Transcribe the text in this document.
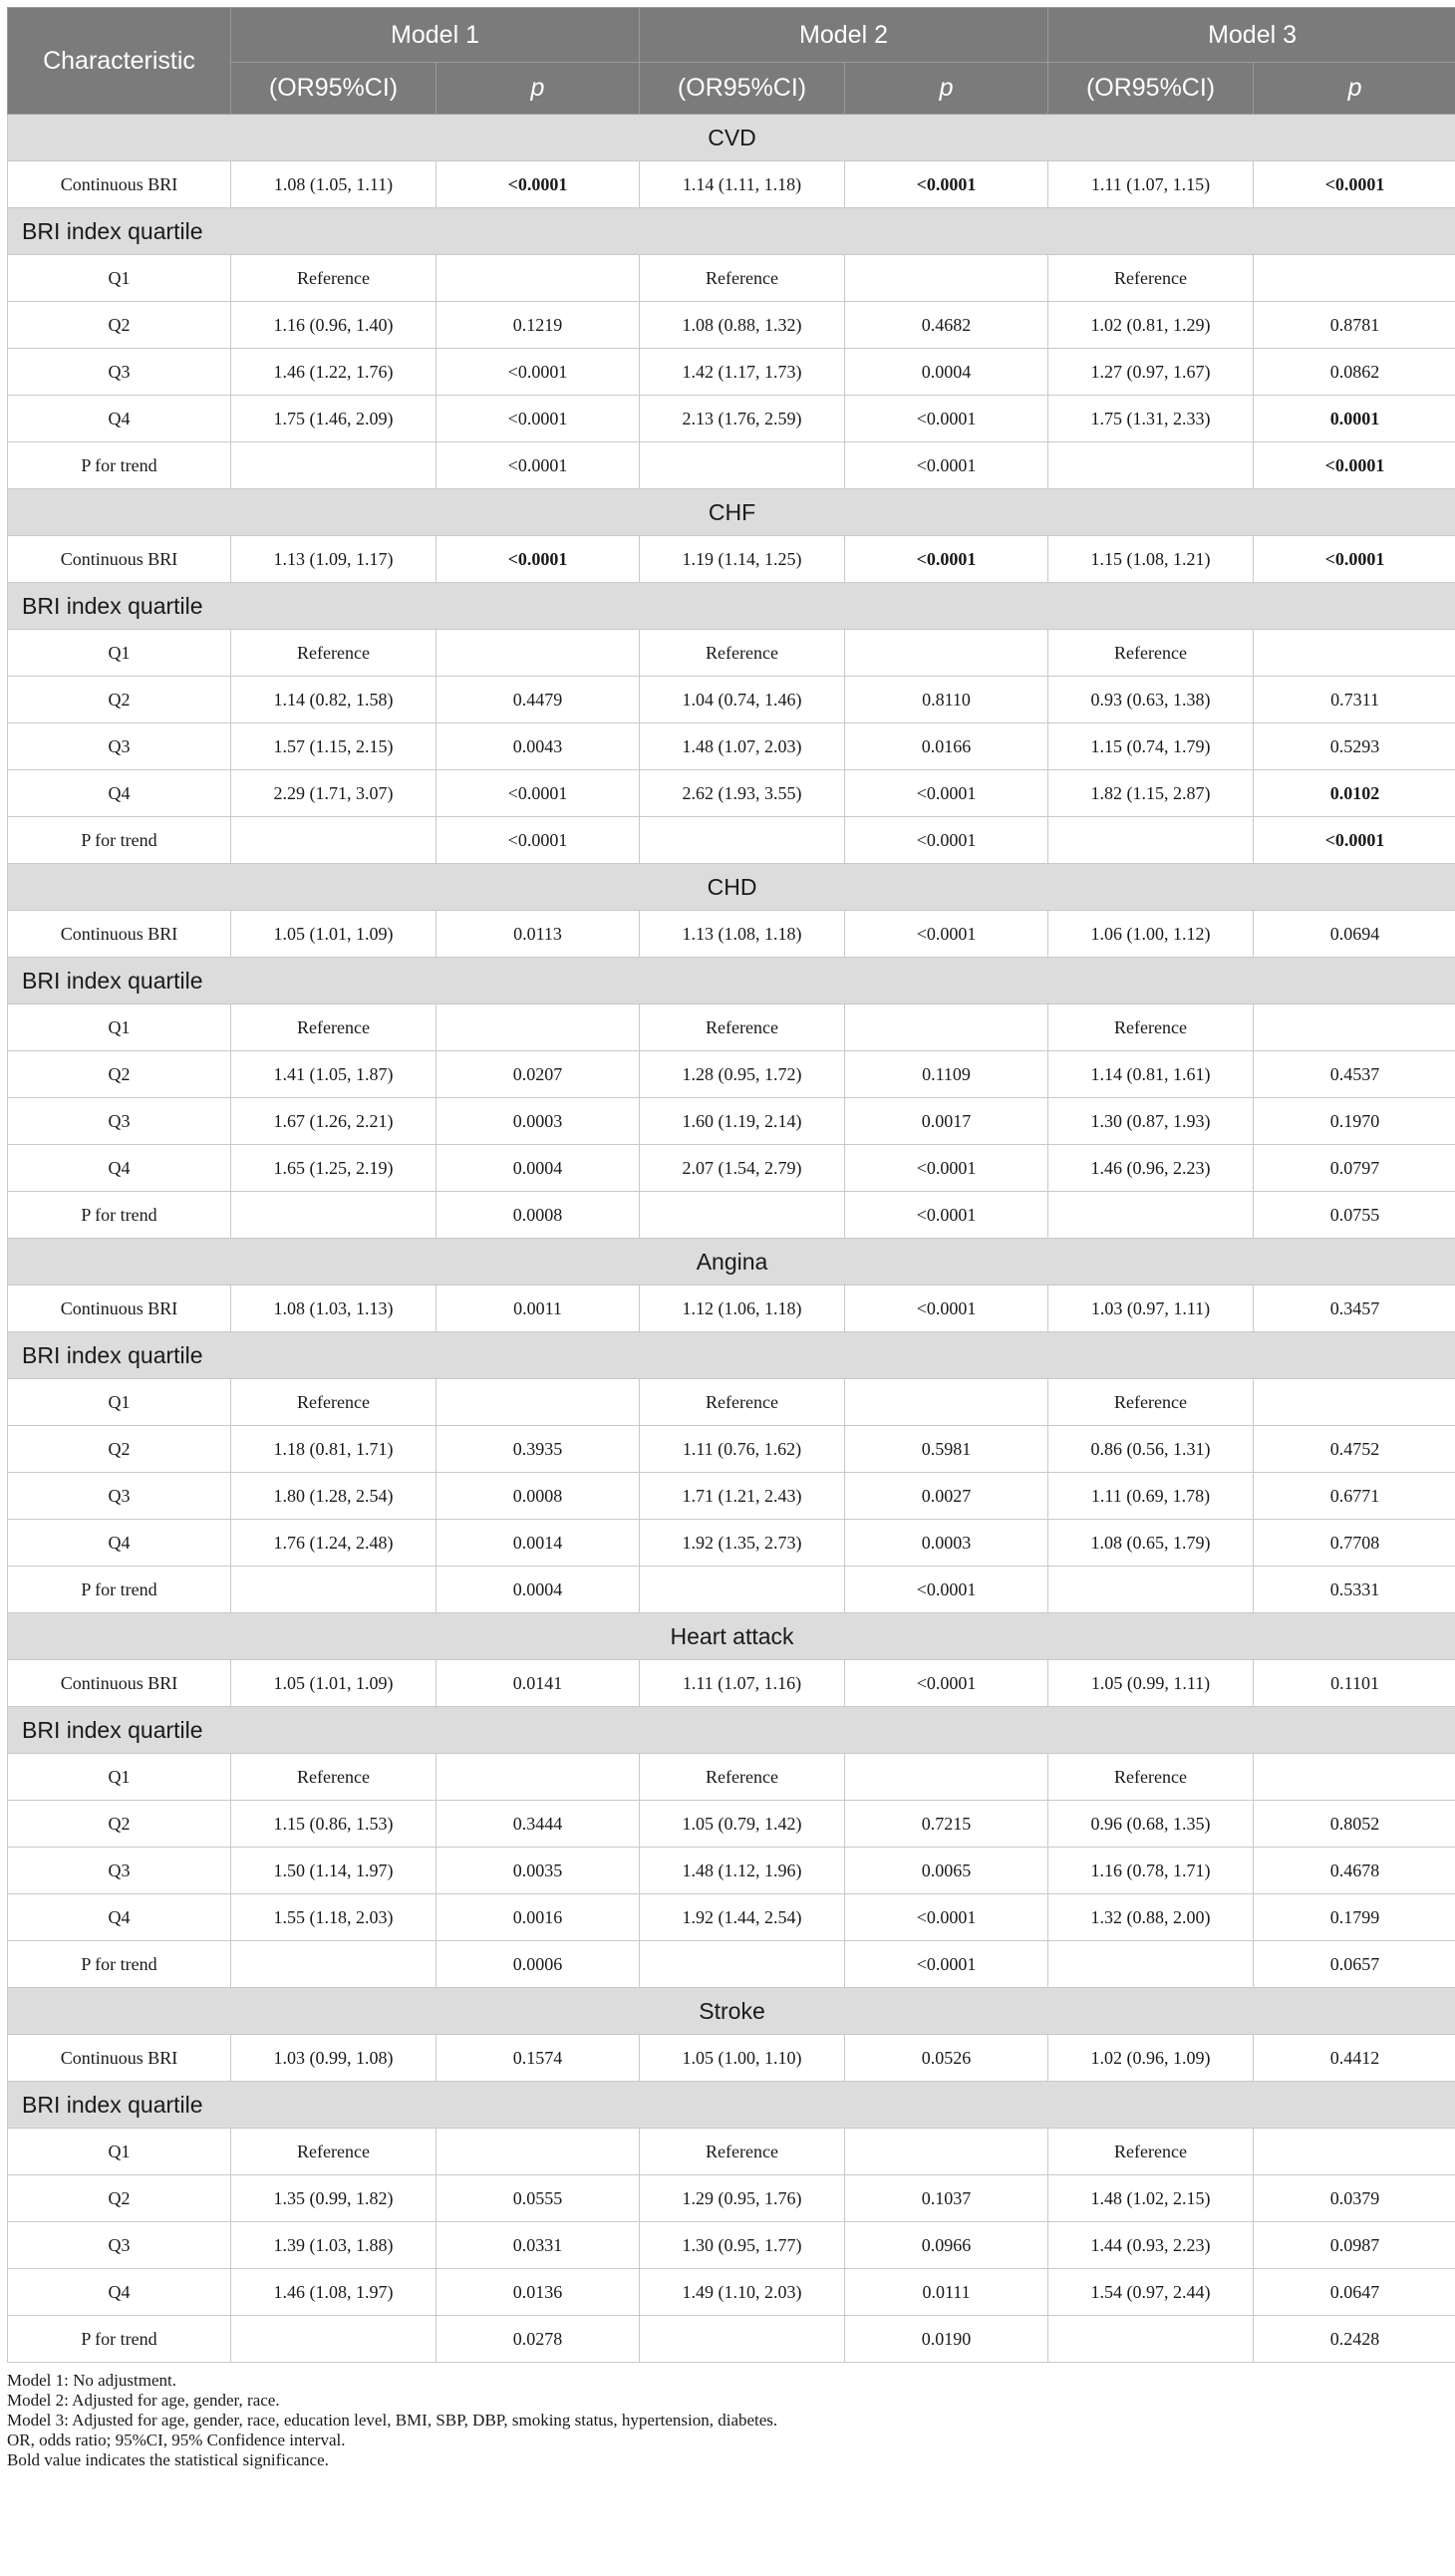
Characteristic	Model 1		Model 2		Model 3	
	(OR95%CI)	p	(OR95%CI)	p	(OR95%CI)	p
CVD						
Continuous BRI	1.08 (1.05, 1.11)	<0.0001	1.14 (1.11, 1.18)	<0.0001	1.11 (1.07, 1.15)	<0.0001
BRI index quartile						
Q1	Reference		Reference		Reference	
Q2	1.16 (0.96, 1.40)	0.1219	1.08 (0.88, 1.32)	0.4682	1.02 (0.81, 1.29)	0.8781
Q3	1.46 (1.22, 1.76)	<0.0001	1.42 (1.17, 1.73)	0.0004	1.27 (0.97, 1.67)	0.0862
Q4	1.75 (1.46, 2.09)	<0.0001	2.13 (1.76, 2.59)	<0.0001	1.75 (1.31, 2.33)	0.0001
P for trend		<0.0001		<0.0001		<0.0001
CHF						
Continuous BRI	1.13 (1.09, 1.17)	<0.0001	1.19 (1.14, 1.25)	<0.0001	1.15 (1.08, 1.21)	<0.0001
BRI index quartile						
Q1	Reference		Reference		Reference	
Q2	1.14 (0.82, 1.58)	0.4479	1.04 (0.74, 1.46)	0.8110	0.93 (0.63, 1.38)	0.7311
Q3	1.57 (1.15, 2.15)	0.0043	1.48 (1.07, 2.03)	0.0166	1.15 (0.74, 1.79)	0.5293
Q4	2.29 (1.71, 3.07)	<0.0001	2.62 (1.93, 3.55)	<0.0001	1.82 (1.15, 2.87)	0.0102
P for trend		<0.0001		<0.0001		<0.0001
CHD						
Continuous BRI	1.05 (1.01, 1.09)	0.0113	1.13 (1.08, 1.18)	<0.0001	1.06 (1.00, 1.12)	0.0694
BRI index quartile						
Q1	Reference		Reference		Reference	
Q2	1.41 (1.05, 1.87)	0.0207	1.28 (0.95, 1.72)	0.1109	1.14 (0.81, 1.61)	0.4537
Q3	1.67 (1.26, 2.21)	0.0003	1.60 (1.19, 2.14)	0.0017	1.30 (0.87, 1.93)	0.1970
Q4	1.65 (1.25, 2.19)	0.0004	2.07 (1.54, 2.79)	<0.0001	1.46 (0.96, 2.23)	0.0797
P for trend		0.0008		<0.0001		0.0755
Angina						
Continuous BRI	1.08 (1.03, 1.13)	0.0011	1.12 (1.06, 1.18)	<0.0001	1.03 (0.97, 1.11)	0.3457
BRI index quartile						
Q1	Reference		Reference		Reference	
Q2	1.18 (0.81, 1.71)	0.3935	1.11 (0.76, 1.62)	0.5981	0.86 (0.56, 1.31)	0.4752
Q3	1.80 (1.28, 2.54)	0.0008	1.71 (1.21, 2.43)	0.0027	1.11 (0.69, 1.78)	0.6771
Q4	1.76 (1.24, 2.48)	0.0014	1.92 (1.35, 2.73)	0.0003	1.08 (0.65, 1.79)	0.7708
P for trend		0.0004		<0.0001		0.5331
Heart attack						
Continuous BRI	1.05 (1.01, 1.09)	0.0141	1.11 (1.07, 1.16)	<0.0001	1.05 (0.99, 1.11)	0.1101
BRI index quartile						
Q1	Reference		Reference		Reference	
Q2	1.15 (0.86, 1.53)	0.3444	1.05 (0.79, 1.42)	0.7215	0.96 (0.68, 1.35)	0.8052
Q3	1.50 (1.14, 1.97)	0.0035	1.48 (1.12, 1.96)	0.0065	1.16 (0.78, 1.71)	0.4678
Q4	1.55 (1.18, 2.03)	0.0016	1.92 (1.44, 2.54)	<0.0001	1.32 (0.88, 2.00)	0.1799
P for trend		0.0006		<0.0001		0.0657
Stroke						
Continuous BRI	1.03 (0.99, 1.08)	0.1574	1.05 (1.00, 1.10)	0.0526	1.02 (0.96, 1.09)	0.4412
BRI index quartile						
Q1	Reference		Reference		Reference	
Q2	1.35 (0.99, 1.82)	0.0555	1.29 (0.95, 1.76)	0.1037	1.48 (1.02, 2.15)	0.0379
Q3	1.39 (1.03, 1.88)	0.0331	1.30 (0.95, 1.77)	0.0966	1.44 (0.93, 2.23)	0.0987
Q4	1.46 (1.08, 1.97)	0.0136	1.49 (1.10, 2.03)	0.0111	1.54 (0.97, 2.44)	0.0647
P for trend		0.0278		0.0190		0.2428
Model 1: No adjustment.
Model 2: Adjusted for age, gender, race.
Model 3: Adjusted for age, gender, race, education level, BMI, SBP, DBP, smoking status, hypertension, diabetes.
OR, odds ratio; 95%CI, 95% Confidence interval.
Bold value indicates the statistical significance.
